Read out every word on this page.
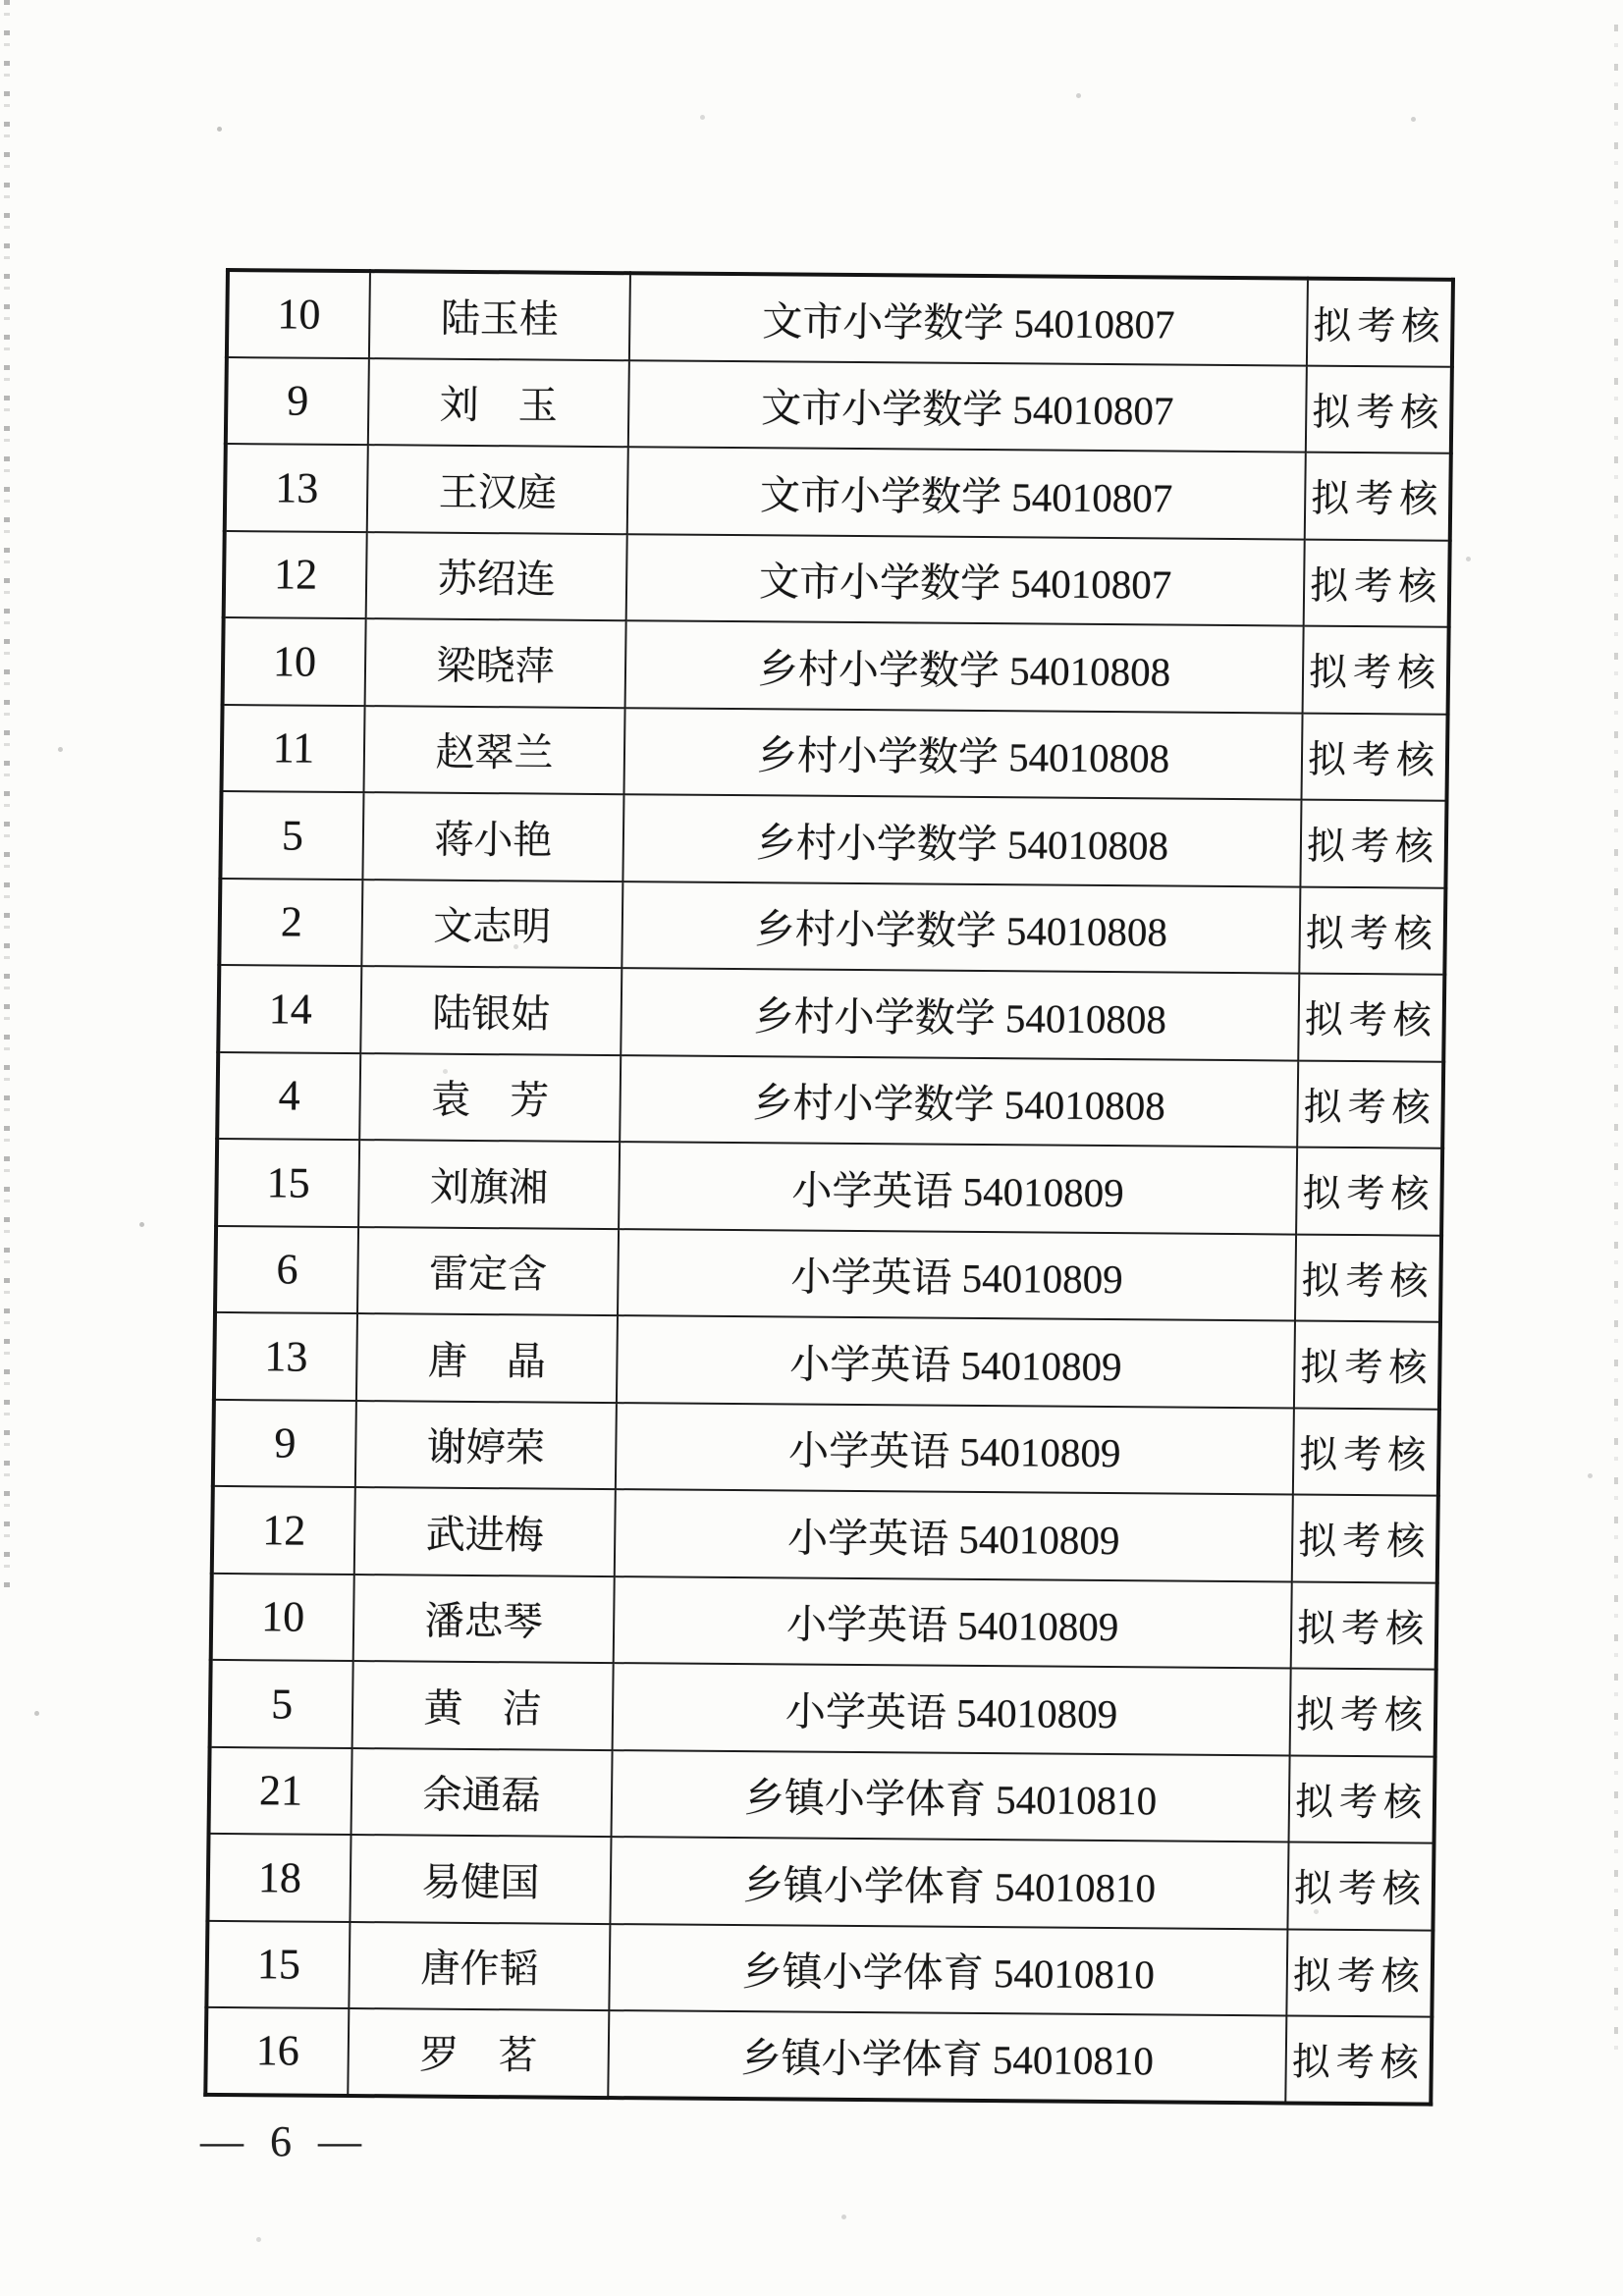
10	陆玉桂	文市小学数学 54010807	拟考核
9	刘　玉	文市小学数学 54010807	拟考核
13	王汉庭	文市小学数学 54010807	拟考核
12	苏绍连	文市小学数学 54010807	拟考核
10	梁晓萍	乡村小学数学 54010808	拟考核
11	赵翠兰	乡村小学数学 54010808	拟考核
5	蒋小艳	乡村小学数学 54010808	拟考核
2	文志明	乡村小学数学 54010808	拟考核
14	陆银姑	乡村小学数学 54010808	拟考核
4	袁　芳	乡村小学数学 54010808	拟考核
15	刘旗湘	小学英语 54010809	拟考核
6	雷定含	小学英语 54010809	拟考核
13	唐　晶	小学英语 54010809	拟考核
9	谢婷荣	小学英语 54010809	拟考核
12	武进梅	小学英语 54010809	拟考核
10	潘忠琴	小学英语 54010809	拟考核
5	黄　洁	小学英语 54010809	拟考核
21	余通磊	乡镇小学体育 54010810	拟考核
18	易健国	乡镇小学体育 54010810	拟考核
15	唐作韬	乡镇小学体育 54010810	拟考核
16	罗　茗	乡镇小学体育 54010810	拟考核
— 6 —
